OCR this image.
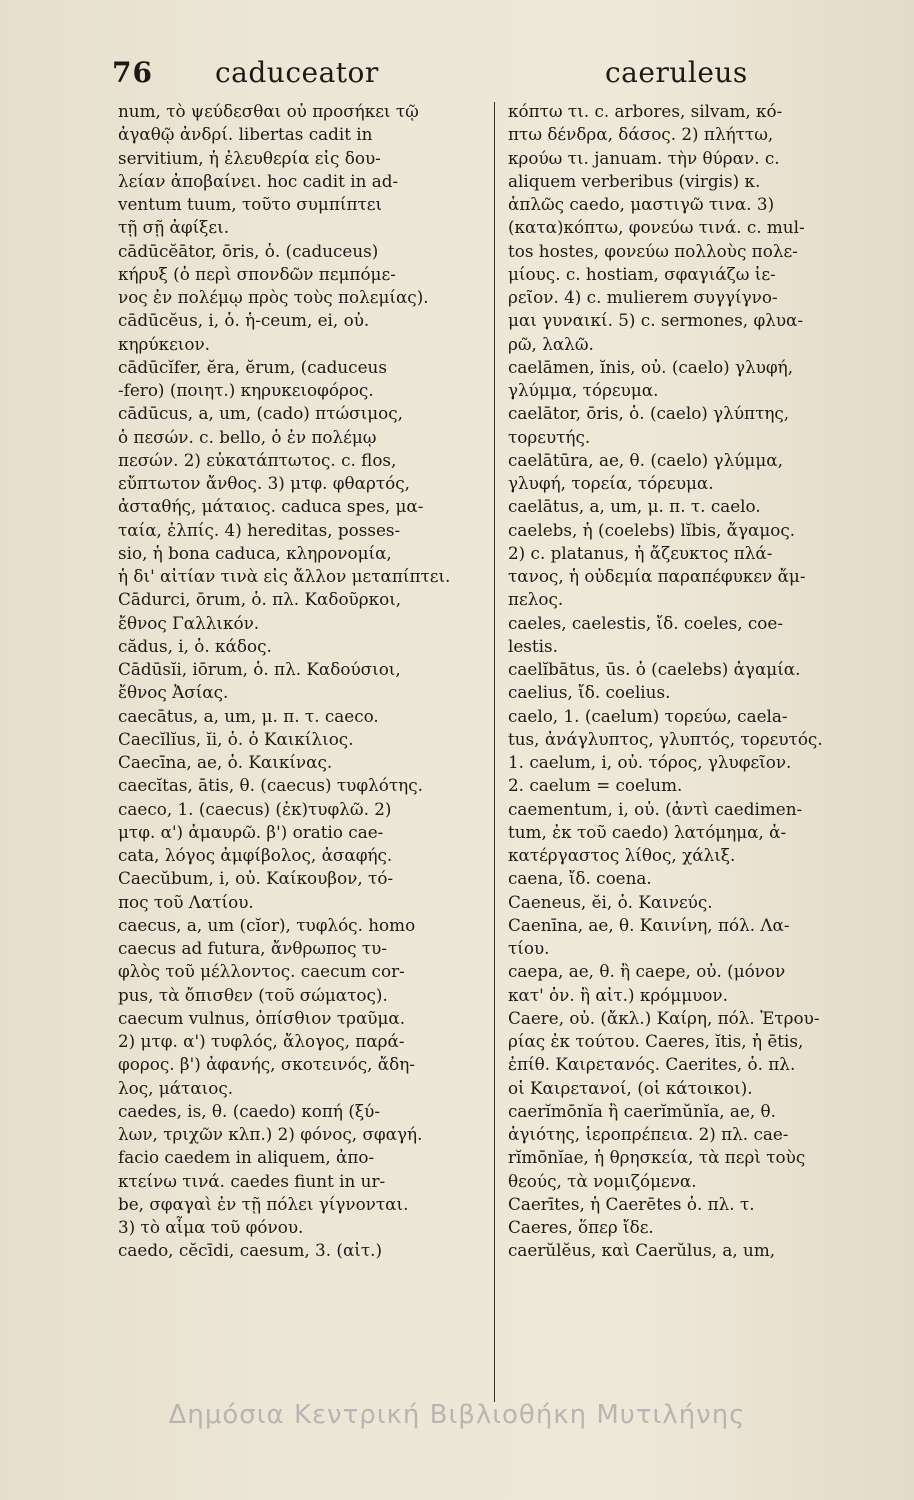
76 caduceator	caeruleus
num, τὸ ψεύδεσθαι οὐ προσήκει τῷ
ἀγαθῷ ἀνδρί. libertas cadit in
servitium, ἡ ἐλευθερία εἰς δου-
λείαν ἀποβαίνει. hoc cadit in ad-
ventum tuum, τοῦτο συμπίπτει
τῇ σῇ ἀφίξει.
cādūcĕātor, ōris, ὁ. (caduceus)
κήρυξ (ὁ περὶ σπονδῶν πεμπόμε-
νος ἐν πολέμῳ πρὸς τοὺς πολεμίας).
cādūcĕus, i, ὁ. ἡ-ceum, ei, οὐ.
κηρύκειον.
cādūcĭfer, ĕra, ĕrum, (caduceus
-fero) (ποιητ.) κηρυκειοφόρος.
cādūcus, a, um, (cado) πτώσιμος,
ὁ πεσών. c. bello, ὁ ἐν πολέμῳ
πεσών. 2) εὐκατάπτωτος. c. flos,
εὔπτωτον ἄνθος. 3) μτφ. φθαρτός,
ἀσταθής, μάταιος. caduca spes, μα-
ταία, ἐλπίς. 4) hereditas, posses-
sio, ἡ bona caduca, κληρονομία,
ἡ δι' αἰτίαν τινὰ εἰς ἄλλον μεταπίπτει.
Cādurci, ōrum, ὁ. πλ. Καδοῦρκοι,
ἔθνος Γαλλικόν.
cădus, i, ὁ. κάδος.
Cādūsĭi, iōrum, ὁ. πλ. Καδούσιοι,
ἔθνος Ἀσίας.
caecātus, a, um, μ. π. τ. caeco.
Caecĭlĭus, ĭi, ὁ. ὁ Καικίλιος.
Caecīna, ae, ὁ. Καικίνας.
caecĭtas, ātis, θ. (caecus) τυφλότης.
caeco, 1. (caecus) (ἐκ)τυφλῶ. 2)
μτφ. α') ἀμαυρῶ. β') oratio cae-
cata, λόγος ἀμφίβολος, ἀσαφής.
Caecŭbum, i, οὐ. Καίκουβον, τό-
πος τοῦ Λατίου.
caecus, a, um (cĭor), τυφλός. homo
caecus ad futura, ἄνθρωπος τυ-
φλὸς τοῦ μέλλοντος. caecum cor-
pus, τὰ ὄπισθεν (τοῦ σώματος).
caecum vulnus, ὀπίσθιον τραῦμα.
2) μτφ. α') τυφλός, ἄλογος, παρά-
φορος. β') ἀφανής, σκοτεινός, ἄδη-
λος, μάταιος.
caedes, is, θ. (caedo) κοπή (ξύ-
λων, τριχῶν κλπ.) 2) φόνος, σφαγή.
facio caedem in aliquem, ἀπο-
κτείνω τινά. caedes fiunt in ur-
be, σφαγαὶ ἐν τῇ πόλει γίγνονται.
3) τὸ αἷμα τοῦ φόνου.
caedo, cĕcīdi, caesum, 3. (αἰτ.)
κόπτω τι. c. arbores, silvam, κό-
πτω δένδρα, δάσος. 2) πλήττω,
κρούω τι. januam. τὴν θύραν. c.
aliquem verberibus (virgis) κ.
ἁπλῶς caedo, μαστιγῶ τινα. 3)
(κατα)κόπτω, φονεύω τινά. c. mul-
tos hostes, φονεύω πολλοὺς πολε-
μίους. c. hostiam, σφαγιάζω ἱε-
ρεῖον. 4) c. mulierem συγγίγνο-
μαι γυναικί. 5) c. sermones, φλυα-
ρῶ, λαλῶ.
caelāmen, ĭnis, οὐ. (caelo) γλυφή,
γλύμμα, τόρευμα.
caelātor, ōris, ὁ. (caelo) γλύπτης,
τορευτής.
caelātūra, ae, θ. (caelo) γλύμμα,
γλυφή, τορεία, τόρευμα.
caelātus, a, um, μ. π. τ. caelo.
caelebs, ἡ (coelebs) lĭbis, ἄγαμος.
2) c. platanus, ἡ ἄζευκτος πλά-
τανος, ἡ οὐδεμία παραπέφυκεν ἄμ-
πελος.
caeles, caelestis, ἴδ. coeles, coe-
lestis.
caelĭbātus, ūs. ὁ (caelebs) ἀγαμία.
caelius, ἴδ. coelius.
caelo, 1. (caelum) τορεύω, caela-
tus, ἀνάγλυπτος, γλυπτός, τορευτός.
1. caelum, i, οὐ. τόρος, γλυφεῖον.
2. caelum = coelum.
caementum, i, οὐ. (ἀντὶ caedimen-
tum, ἐκ τοῦ caedo) λατόμημα, ἀ-
κατέργαστος λίθος, χάλιξ.
caena, ἴδ. coena.
Caeneus, ĕi, ὁ. Καινεύς.
Caenīna, ae, θ. Καινίνη, πόλ. Λα-
τίου.
caepa, ae, θ. ἢ caepe, οὐ. (μόνον
κατ' ὀν. ἢ αἰτ.) κρόμμυον.
Caere, οὐ. (ἄκλ.) Καίρη, πόλ. Ἐτρου-
ρίας ἐκ τούτου. Caeres, ĭtis, ἡ ētis,
ἐπίθ. Καιρετανός. Caerites, ὁ. πλ.
οἱ Καιρετανοί, (οἱ κάτοικοι).
caerĭmōnĭa ἢ caerĭmŭnĭa, ae, θ.
ἁγιότης, ἱεροπρέπεια. 2) πλ. cae-
rĭmōnĭae, ἡ θρησκεία, τὰ περὶ τοὺς
θεούς, τὰ νομιζόμενα.
Caerītes, ἡ Caerētes ὁ. πλ. τ.
Caeres, ὅπερ ἴδε.
caerŭlĕus, καὶ Caerŭlus, a, um,
Δημόσια Κεντρική Βιβλιοθήκη Μυτιλήνης
